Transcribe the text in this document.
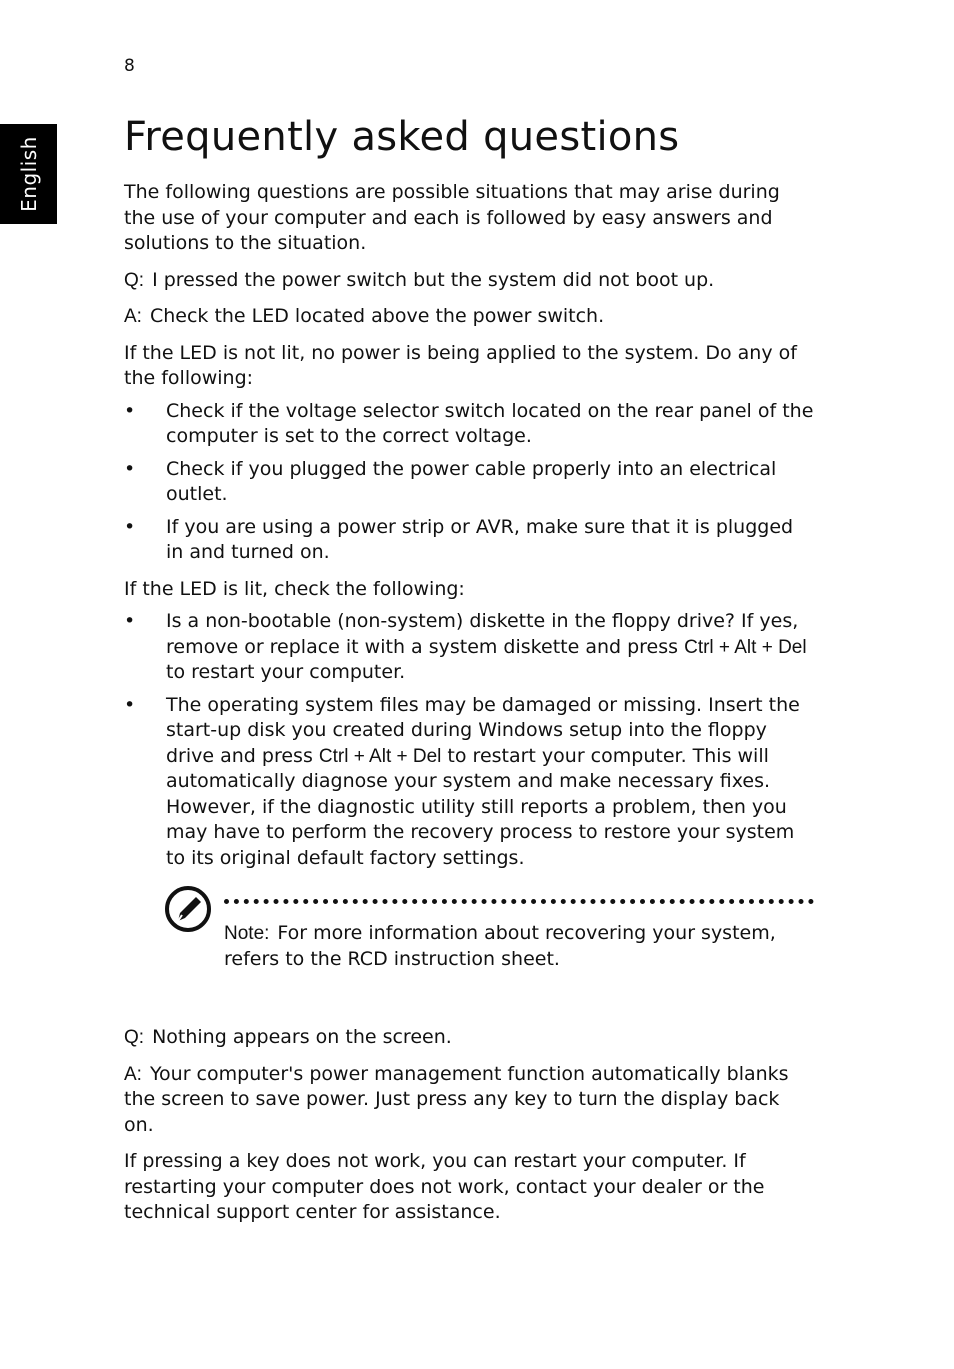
8
English Frequently asked questions

The following questions are possible situations that may arise during the use of your computer and each is followed by easy answers and solutions to the situation.

Q: I pressed the power switch but the system did not boot up.

A: Check the LED located above the power switch.

If the LED is not lit, no power is being applied to the system. Do any of the following:

• Check if the voltage selector switch located on the rear panel of the computer is set to the correct voltage.
• Check if you plugged the power cable properly into an electrical outlet.
• If you are using a power strip or AVR, make sure that it is plugged in and turned on.

If the LED is lit, check the following:

• Is a non-bootable (non-system) diskette in the floppy drive? If yes, remove or replace it with a system diskette and press Ctrl + Alt + Del to restart your computer.
• The operating system files may be damaged or missing. Insert the start-up disk you created during Windows setup into the floppy drive and press Ctrl + Alt + Del to restart your computer. This will automatically diagnose your system and make necessary fixes. However, if the diagnostic utility still reports a problem, then you may have to perform the recovery process to restore your system to its original default factory settings.

Note: For more information about recovering your system, refers to the RCD instruction sheet.

Q: Nothing appears on the screen.

A: Your computer's power management function automatically blanks the screen to save power. Just press any key to turn the display back on.

If pressing a key does not work, you can restart your computer. If restarting your computer does not work, contact your dealer or the technical support center for assistance.
